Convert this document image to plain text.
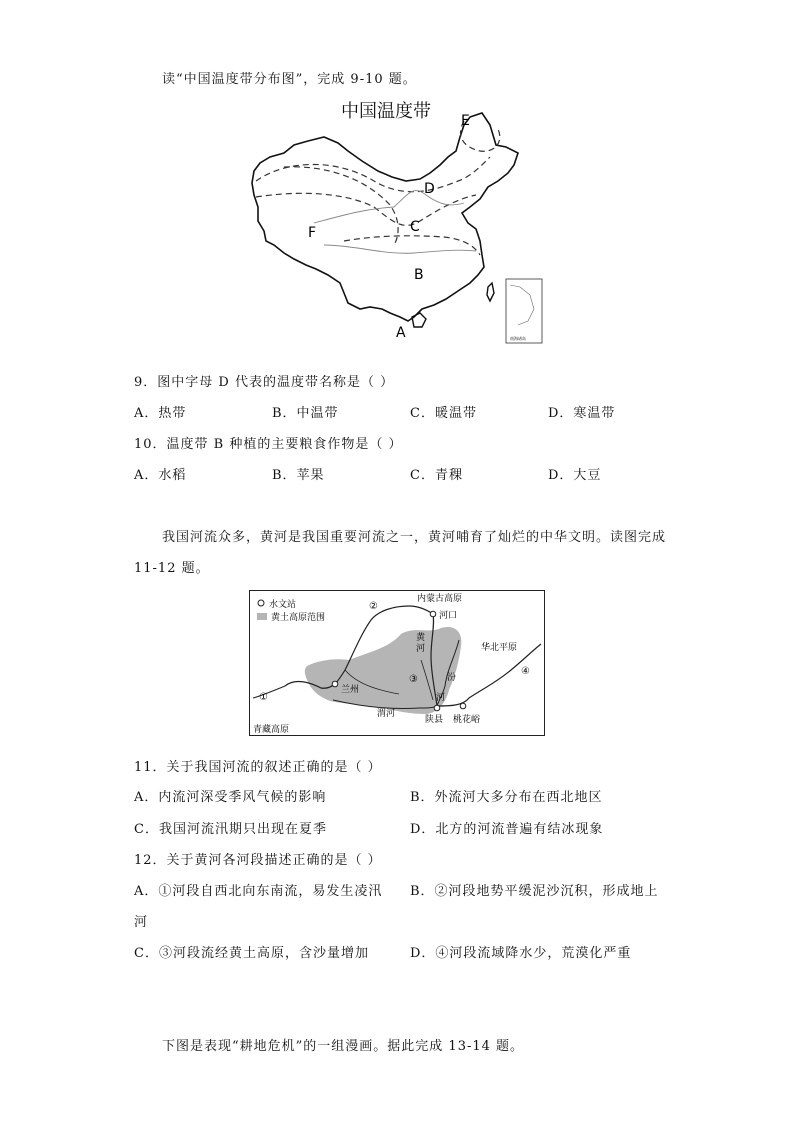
读“中国温度带分布图”，完成 9-10 题。
中国温度带 E
D
C
F
B
A	南海诸岛
9．图中字母 D 代表的温度带名称是（ ）
A．热带	B．中温带	C．暖温带	D．寒温带
10．温度带 B 种植的主要粮食作物是（ ）
A．水稻	B．苹果	C．青稞	D．大豆
我国河流众多，黄河是我国重要河流之一，黄河哺育了灿烂的中华文明。读图完成
11-12 题。
水文站
黄土高原范围
内蒙古高原
河口
华北平原
兰州
渭河
黄
河
汾
河
陕县 桃花峪
青藏高原
①
②
③
④
11．关于我国河流的叙述正确的是（ ）
A．内流河深受季风气候的影响	B．外流河大多分布在西北地区
C．我国河流汛期只出现在夏季	D．北方的河流普遍有结冰现象
12．关于黄河各河段描述正确的是（ ）
A．①河段自西北向东南流，易发生凌汛 B．②河段地势平缓泥沙沉积，形成地上
河
C．③河段流经黄土高原，含沙量增加	D．④河段流域降水少，荒漠化严重
下图是表现“耕地危机”的一组漫画。据此完成 13-14 题。
